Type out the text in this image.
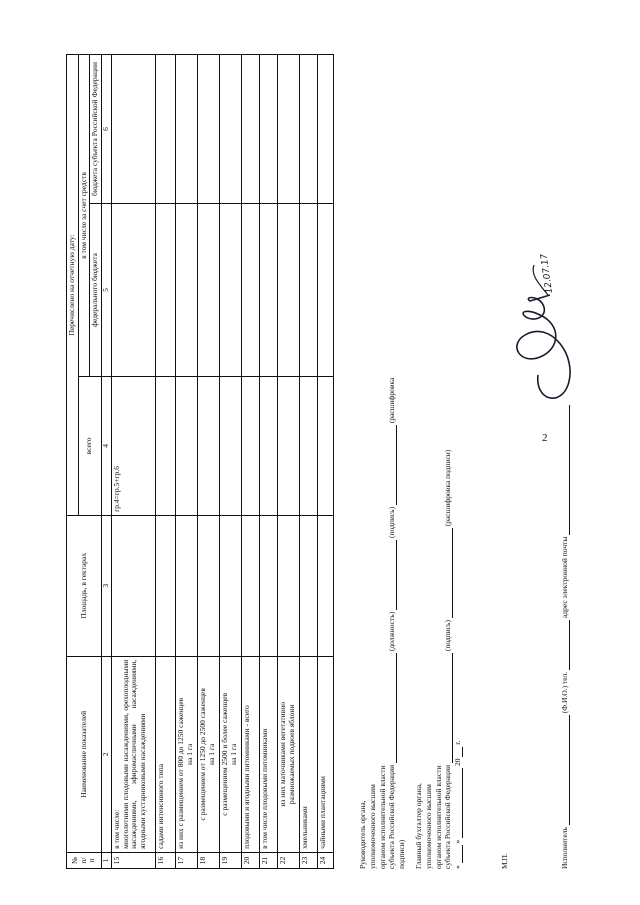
2
№ п/п	Наименование показателей	Площадь, в гектарах	Перечислено на отчетную дату:		
			всего	в том числе за счет средств	
				федерального бюджета	бюджета субъекта Российской Федерации
1	2	3	4	5	6
15	в том числе: многолетними плодовыми насаждениями, орехоплодными насаждениями, эфиромасличными насаждениями, ягодными кустарниковыми насаждениями		гр.4=гр.5+гр.6		
16	садами интенсивного типа				

17	из них с размещением от 800 до 1250 саженцев на 1 га				

18	с размещением от 1250 до 2500 саженцев на 1 га				

19	с размещением 2500 и более саженцев на 1 га				

20	плодовыми и ягодными питомниками - всего				

21	в том числе плодовыми питомниками				

22	из них маточниками вегетативно размножаемых подвоев яблони				

23	хмельниками				

24	чайными плантациями				
					Руководитель органа, уполномоченного высшим органом исполнительной власти субъекта Российской Федерации  (должность)  (подпись)  (расшифровка подписи) Главный бухгалтер органа, уполномоченного высшим органом исполнительной власти субъекта Российской Федерации  (подпись)  (расшифровка подписи)
«  »  20  г.
М.П.	Исполнитель  (Ф.И.О.) тел.  адрес электронной почты
12.07.17
